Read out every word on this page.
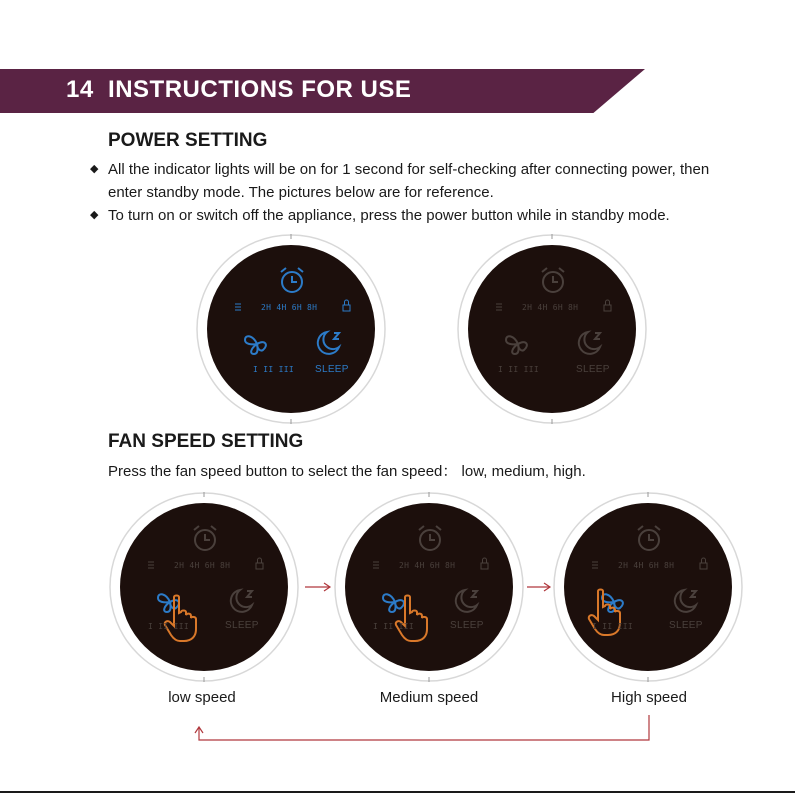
14 INSTRUCTIONS FOR USE
POWER SETTING
◆ All the indicator lights will be on for 1 second for self-checking after connecting power, then enter standby mode. The pictures below are for reference.
◆ To turn on or switch off the appliance, press the power button while in standby mode.
2H 4H 6H 8H
I II III SLEEP
2H 4H 6H 8H
I II III	SLEEP
FAN SPEED SETTING
Press the fan speed button to select the fan speed： low, medium, high.
2H 4H 6H 8H
I II III	SLEEP
2H 4H 6H 8H
I II III	SLEEP
2H 4H 6H 8H
I II III	SLEEP
low speed	Medium speed	High speed
